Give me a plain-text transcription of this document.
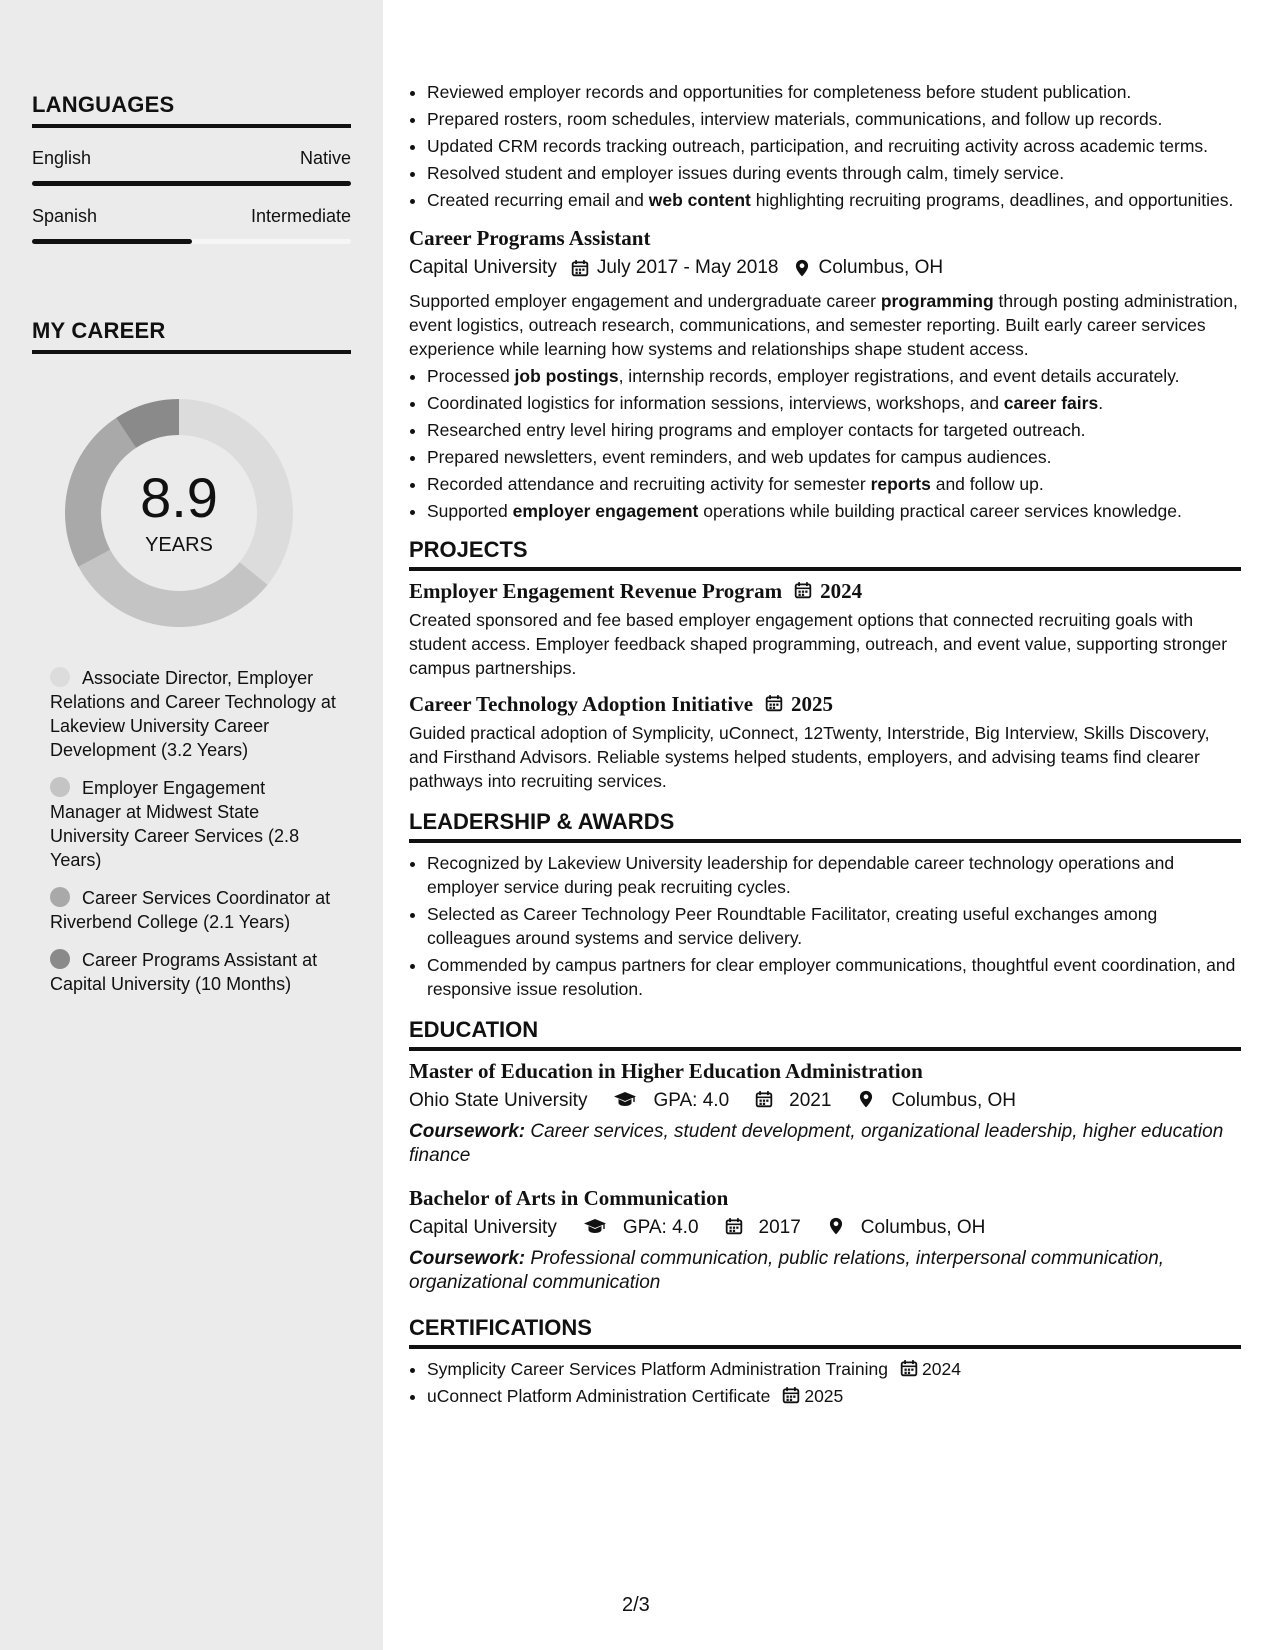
LANGUAGES
English	Native
Spanish	Intermediate
MY CAREER
8.9
YEARS
Associate Director, Employer Relations and Career Technology at Lakeview University Career Development (3.2 Years)
Employer Engagement Manager at Midwest State University Career Services (2.8 Years)
Career Services Coordinator at Riverbend College (2.1 Years)
Career Programs Assistant at Capital University (10 Months)
• Reviewed employer records and opportunities for completeness before student publication.
• Prepared rosters, room schedules, interview materials, communications, and follow up records.
• Updated CRM records tracking outreach, participation, and recruiting activity across academic terms.
• Resolved student and employer issues during events through calm, timely service.
• Created recurring email and web content highlighting recruiting programs, deadlines, and opportunities.
Career Programs Assistant
Capital University July 2017 - May 2018 Columbus, OH

Supported employer engagement and undergraduate career programming through posting administration, event logistics, outreach research, communications, and semester reporting. Built early career services experience while learning how systems and relationships shape student access.

• Processed job postings, internship records, employer registrations, and event details accurately.
• Coordinated logistics for information sessions, interviews, workshops, and career fairs.
• Researched entry level hiring programs and employer contacts for targeted outreach.
• Prepared newsletters, event reminders, and web updates for campus audiences.
• Recorded attendance and recruiting activity for semester reports and follow up.
• Supported employer engagement operations while building practical career services knowledge.
PROJECTS
Employer Engagement Revenue Program 2024

Created sponsored and fee based employer engagement options that connected recruiting goals with student access. Employer feedback shaped programming, outreach, and event value, supporting stronger campus partnerships.

Career Technology Adoption Initiative 2025

Guided practical adoption of Symplicity, uConnect, 12Twenty, Interstride, Big Interview, Skills Discovery, and Firsthand Advisors. Reliable systems helped students, employers, and advising teams find clearer pathways into recruiting services.

LEADERSHIP & AWARDS
• Recognized by Lakeview University leadership for dependable career technology operations and employer service during peak recruiting cycles.
• Selected as Career Technology Peer Roundtable Facilitator, creating useful exchanges among colleagues around systems and service delivery.
• Commended by campus partners for clear employer communications, thoughtful event coordination, and responsive issue resolution.
EDUCATION
Master of Education in Higher Education Administration
Ohio State University	GPA: 4.0	2021	Columbus, OH

Coursework: Career services, student development, organizational leadership, higher education finance

Bachelor of Arts in Communication
Capital University	GPA: 4.0	2017	Columbus, OH

Coursework: Professional communication, public relations, interpersonal communication, organizational communication

CERTIFICATIONS
• Symplicity Career Services Platform Administration Training 2024
• uConnect Platform Administration Certificate 2025
2/3
